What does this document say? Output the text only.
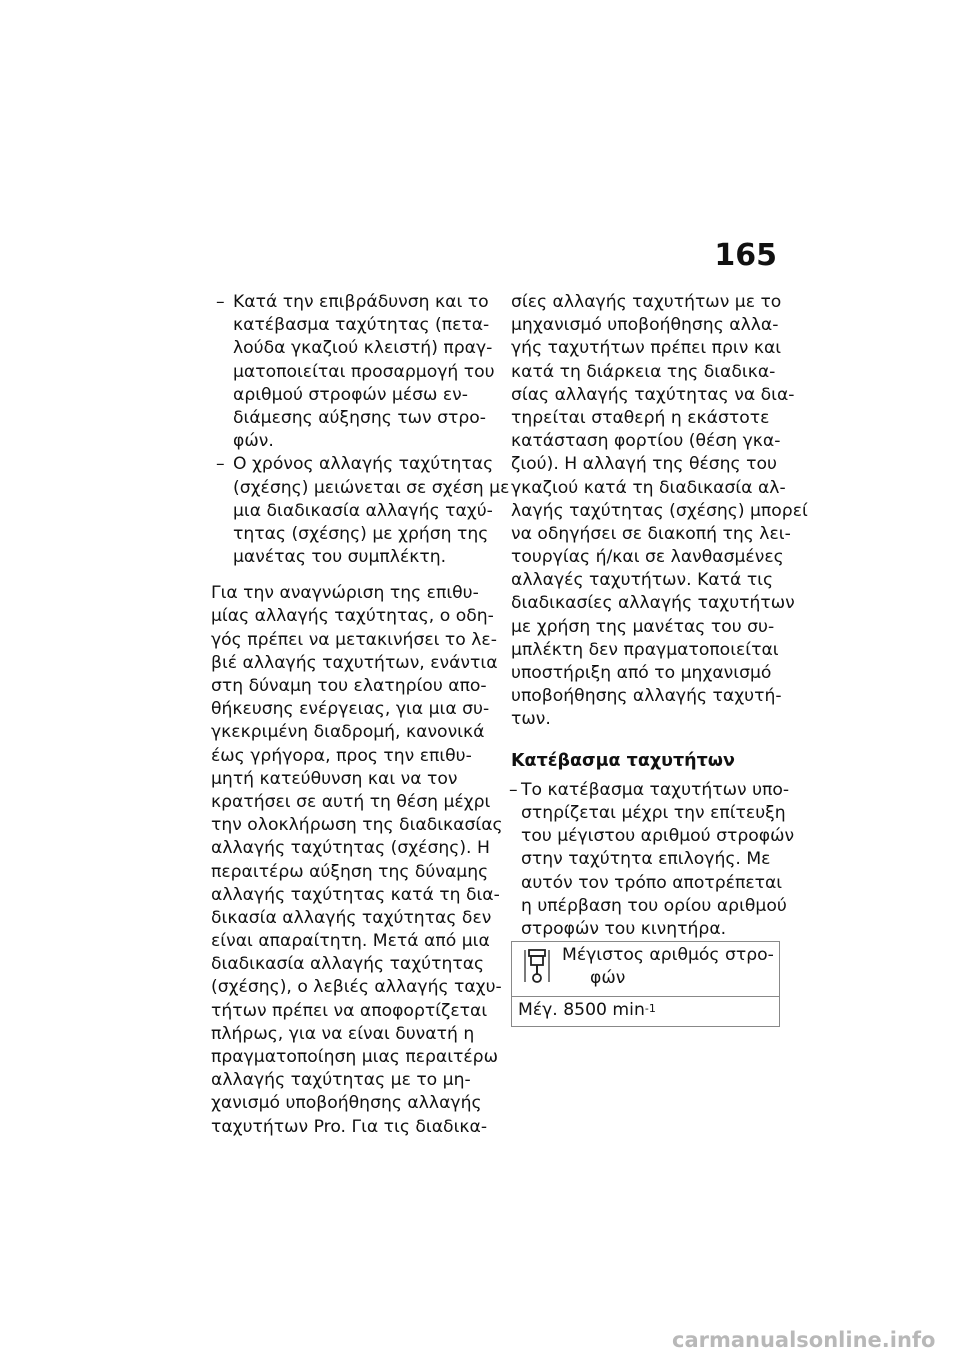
165
– Κατά την επιβράδυνση και το
κατέβασμα ταχύτητας (πετα-
λούδα γκαζιού κλειστή) πραγ-
ματοποιείται προσαρμογή του
αριθμού στροφών μέσω εν-
διάμεσης αύξησης των στρο-
φών.
– Ο χρόνος αλλαγής ταχύτητας
(σχέσης) μειώνεται σε σχέση με
μια διαδικασία αλλαγής ταχύ-
τητας (σχέσης) με χρήση της
μανέτας του συμπλέκτη.
Για την αναγνώριση της επιθυ-
μίας αλλαγής ταχύτητας, ο οδη-
γός πρέπει να μετακινήσει το λε-
βιέ αλλαγής ταχυτήτων, ενάντια
στη δύναμη του ελατηρίου απο-
θήκευσης ενέργειας, για μια συ-
γκεκριμένη διαδρομή, κανονικά
έως γρήγορα, προς την επιθυ-
μητή κατεύθυνση και να τον
κρατήσει σε αυτή τη θέση μέχρι
την ολοκλήρωση της διαδικασίας
αλλαγής ταχύτητας (σχέσης). Η
περαιτέρω αύξηση της δύναμης
αλλαγής ταχύτητας κατά τη δια-
δικασία αλλαγής ταχύτητας δεν
είναι απαραίτητη. Μετά από μια
διαδικασία αλλαγής ταχύτητας
(σχέσης), ο λεβιές αλλαγής ταχυ-
τήτων πρέπει να αποφορτίζεται
πλήρως, για να είναι δυνατή η
πραγματοποίηση μιας περαιτέρω
αλλαγής ταχύτητας με το μη-
χανισμό υποβοήθησης αλλαγής
ταχυτήτων Pro. Για τις διαδικα-
σίες αλλαγής ταχυτήτων με το
μηχανισμό υποβοήθησης αλλα-
γής ταχυτήτων πρέπει πριν και
κατά τη διάρκεια της διαδικα-
σίας αλλαγής ταχύτητας να δια-
τηρείται σταθερή η εκάστοτε
κατάσταση φορτίου (θέση γκα-
ζιού). Η αλλαγή της θέσης του
γκαζιού κατά τη διαδικασία αλ-
λαγής ταχύτητας (σχέσης) μπορεί
να οδηγήσει σε διακοπή της λει-
τουργίας ή/και σε λανθασμένες
αλλαγές ταχυτήτων. Κατά τις
διαδικασίες αλλαγής ταχυτήτων
με χρήση της μανέτας του συ-
μπλέκτη δεν πραγματοποιείται
υποστήριξη από το μηχανισμό
υποβοήθησης αλλαγής ταχυτή-
των.
Κατέβασμα ταχυτήτων
– Το κατέβασμα ταχυτήτων υπο-
στηρίζεται μέχρι την επίτευξη
του μέγιστου αριθμού στροφών
στην ταχύτητα επιλογής. Με
αυτόν τον τρόπο αποτρέπεται
η υπέρβαση του ορίου αριθμού
στροφών του κινητήρα.
Μέγιστος αριθμός στρο-
φών
Μέγ. 8500 $\min^{-1}$
carmanualsonline.info
